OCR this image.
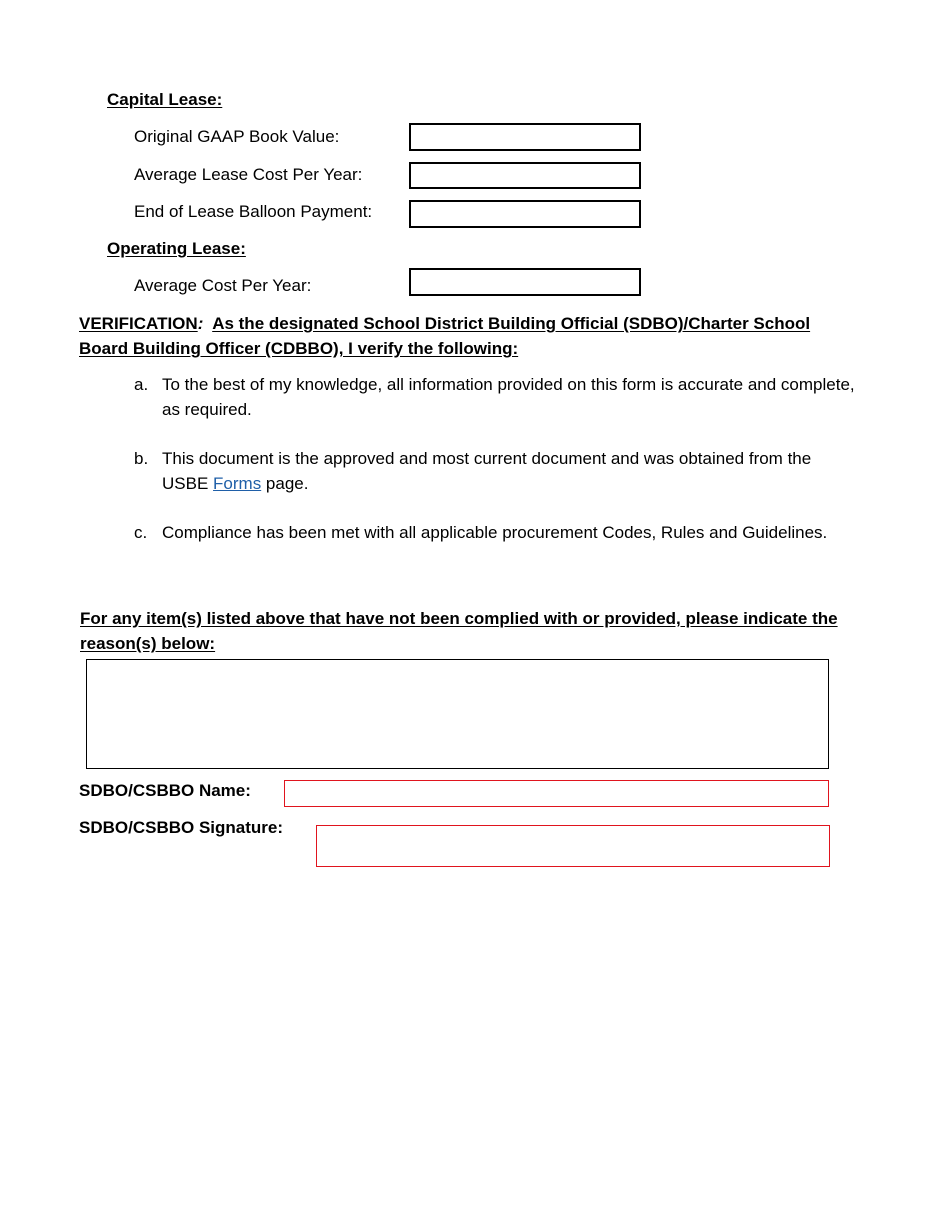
Capital Lease:
Original GAAP Book Value:
Average Lease Cost Per Year:
End of Lease Balloon Payment:
Operating Lease:
Average Cost Per Year:
VERIFICATION: As the designated School District Building Official (SDBO)/Charter School Board Building Officer (CDBBO), I verify the following:
a. To the best of my knowledge, all information provided on this form is accurate and complete, as required.
b. This document is the approved and most current document and was obtained from the USBE Forms page.
c. Compliance has been met with all applicable procurement Codes, Rules and Guidelines.
For any item(s) listed above that have not been complied with or provided, please indicate the reason(s) below:
SDBO/CSBBO Name:
SDBO/CSBBO Signature:
